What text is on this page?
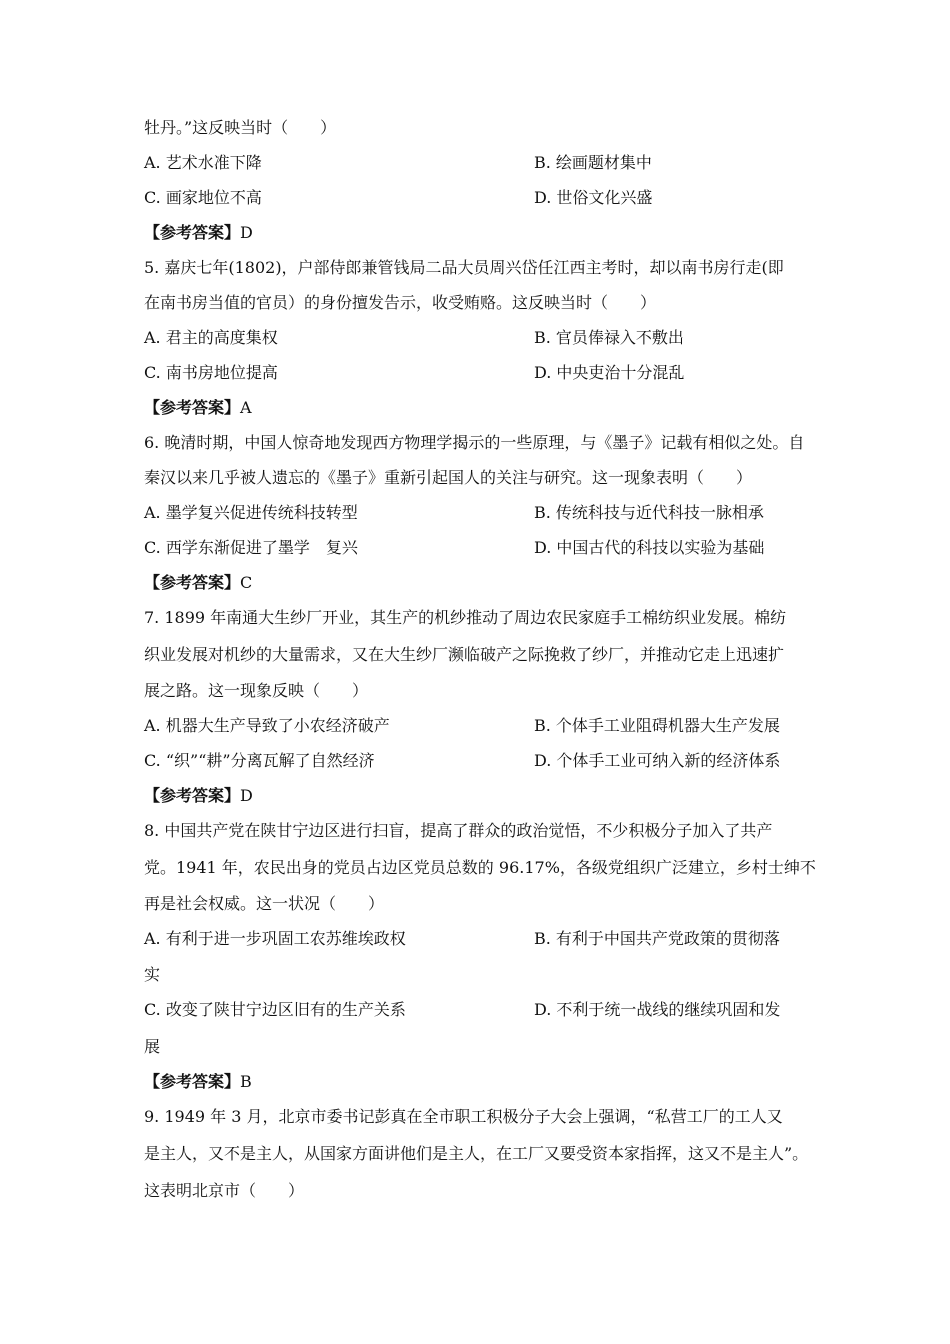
牡丹。”这反映当时（　　）
A. 艺术水准下降	B. 绘画题材集中
C. 画家地位不高	D. 世俗文化兴盛
【参考答案】D
5. 嘉庆七年(1802)，户部侍郎兼管钱局二品大员周兴岱任江西主考时，却以南书房行走(即
在南书房当值的官员）的身份擅发告示，收受贿赂。这反映当时（　　）
A. 君主的高度集权	B. 官员俸禄入不敷出
C. 南书房地位提高	D. 中央吏治十分混乱
【参考答案】A
6. 晚清时期，中国人惊奇地发现西方物理学揭示的一些原理，与《墨子》记载有相似之处。自
秦汉以来几乎被人遗忘的《墨子》重新引起国人的关注与研究。这一现象表明（　　）
A. 墨学复兴促进传统科技转型	B. 传统科技与近代科技一脉相承
C. 西学东渐促进了墨学　复兴	D. 中国古代的科技以实验为基础
【参考答案】C
7. 1899 年南通大生纱厂开业，其生产的机纱推动了周边农民家庭手工棉纺织业发展。棉纺
织业发展对机纱的大量需求，又在大生纱厂濒临破产之际挽救了纱厂，并推动它走上迅速扩
展之路。这一现象反映（　　）
A. 机器大生产导致了小农经济破产	B. 个体手工业阻碍机器大生产发展
C. “织”“耕”分离瓦解了自然经济	D. 个体手工业可纳入新的经济体系
【参考答案】D
8. 中国共产党在陕甘宁边区进行扫盲，提高了群众的政治觉悟，不少积极分子加入了共产
党。1941 年，农民出身的党员占边区党员总数的 96.17%，各级党组织广泛建立，乡村士绅不
再是社会权威。这一状况（　　）
A. 有利于进一步巩固工农苏维埃政权	B. 有利于中国共产党政策的贯彻落
实
C. 改变了陕甘宁边区旧有的生产关系	D. 不利于统一战线的继续巩固和发
展
【参考答案】B
9. 1949 年 3 月，北京市委书记彭真在全市职工积极分子大会上强调，“私营工厂的工人又
是主人，又不是主人，从国家方面讲他们是主人，在工厂又要受资本家指挥，这又不是主人”。
这表明北京市（　　）
